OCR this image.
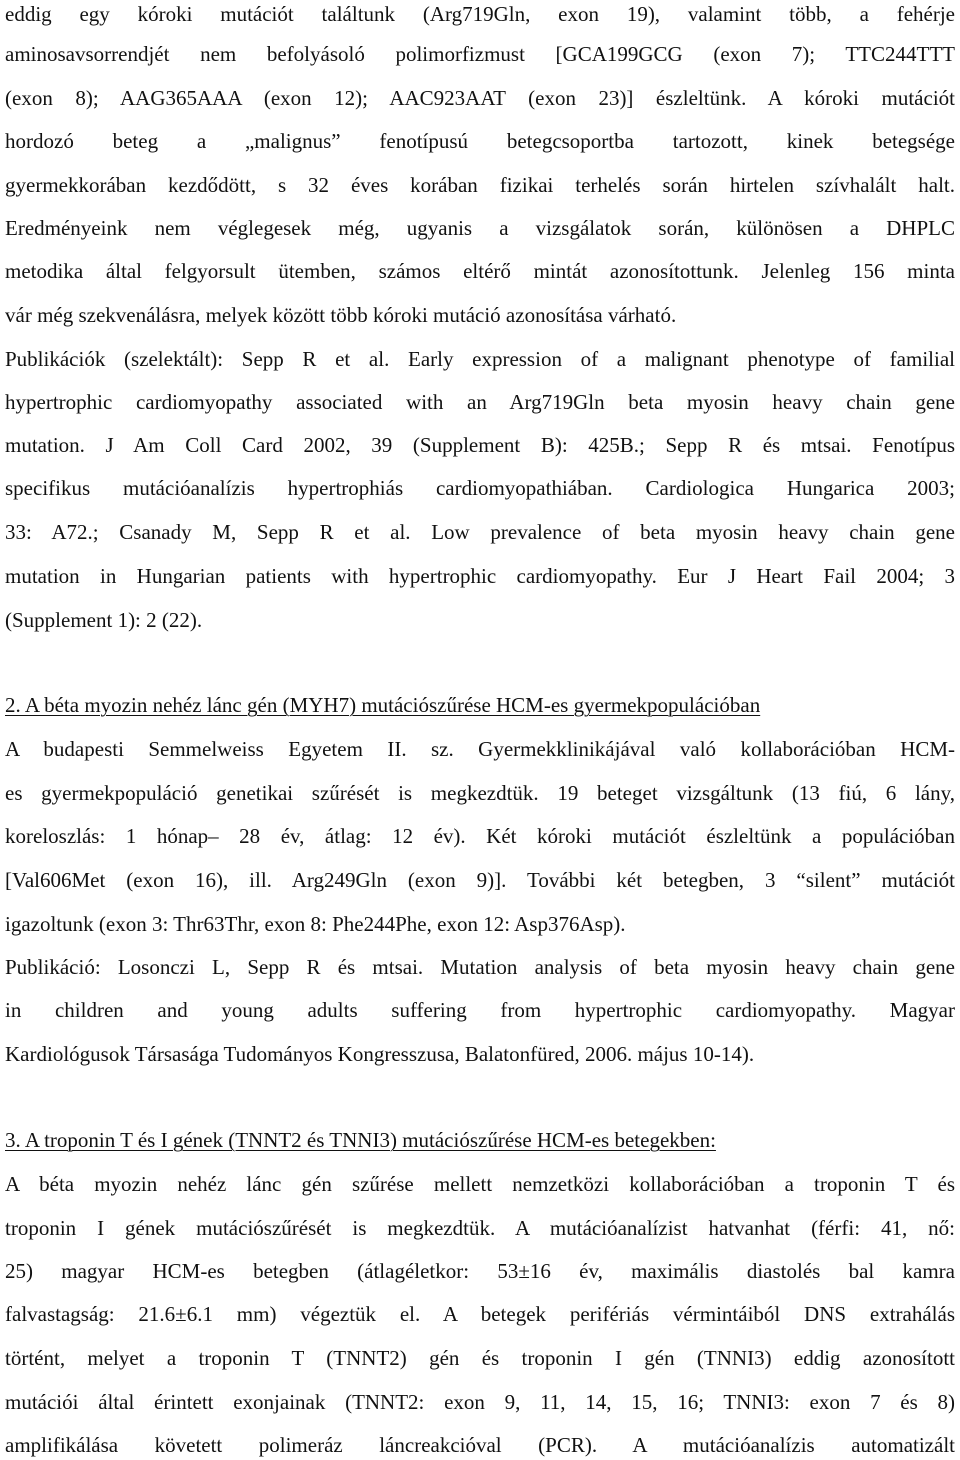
eddig egy kóroki mutációt találtunk (Arg719Gln, exon 19), valamint több, a fehérje
aminosavsorrendjét nem befolyásoló polimorfizmust [GCA199GCG (exon 7); TTC244TTT
(exon 8); AAG365AAA (exon 12); AAC923AAT (exon 23)] észleltünk. A kóroki mutációt
hordozó beteg a „malignus” fenotípusú betegcsoportba tartozott, kinek betegsége
gyermekkorában kezdődött, s 32 éves korában fizikai terhelés során hirtelen szívhalált halt.
Eredményeink nem véglegesek még, ugyanis a vizsgálatok során, különösen a DHPLC
metodika által felgyorsult ütemben, számos eltérő mintát azonosítottunk. Jelenleg 156 minta
vár még szekvenálásra, melyek között több kóroki mutáció azonosítása várható.
Publikációk (szelektált): Sepp R et al. Early expression of a malignant phenotype of familial
hypertrophic cardiomyopathy associated with an Arg719Gln beta myosin heavy chain gene
mutation. J Am Coll Card 2002, 39 (Supplement B): 425B.; Sepp R és mtsai. Fenotípus
specifikus mutációanalízis hypertrophiás cardiomyopathiában. Cardiologica Hungarica 2003;
33: A72.; Csanady M, Sepp R et al. Low prevalence of beta myosin heavy chain gene
mutation in Hungarian patients with hypertrophic cardiomyopathy. Eur J Heart Fail 2004; 3
(Supplement 1): 2 (22).
2. A béta myozin nehéz lánc gén (MYH7) mutációszűrése HCM-es gyermekpopulációban
A budapesti Semmelweiss Egyetem II. sz. Gyermekklinikájával való kollaborációban HCM-
es gyermekpopuláció genetikai szűrését is megkezdtük. 19 beteget vizsgáltunk (13 fiú, 6 lány,
koreloszlás: 1 hónap– 28 év, átlag: 12 év). Két kóroki mutációt észleltünk a populációban
[Val606Met (exon 16), ill. Arg249Gln (exon 9)]. További két betegben, 3 “silent” mutációt
igazoltunk (exon 3: Thr63Thr, exon 8: Phe244Phe, exon 12: Asp376Asp).
Publikáció: Losonczi L, Sepp R és mtsai. Mutation analysis of beta myosin heavy chain gene
in children and young adults suffering from hypertrophic cardiomyopathy. Magyar
Kardiológusok Társasága Tudományos Kongresszusa, Balatonfüred, 2006. május 10-14).
3. A troponin T és I gének (TNNT2 és TNNI3) mutációszűrése HCM-es betegekben:
A béta myozin nehéz lánc gén szűrése mellett nemzetközi kollaborációban a troponin T és
troponin I gének mutációszűrését is megkezdtük. A mutációanalízist hatvanhat (férfi: 41, nő:
25) magyar HCM-es betegben (átlagéletkor: 53±16 év, maximális diastolés bal kamra
falvastagság: 21.6±6.1 mm) végeztük el. A betegek perifériás vérmintáiból DNS extrahálás
történt, melyet a troponin T (TNNT2) gén és troponin I gén (TNNI3) eddig azonosított
mutációi által érintett exonjainak (TNNT2: exon 9, 11, 14, 15, 16; TNNI3: exon 7 és 8)
amplifikálása követett polimeráz láncreakcióval (PCR). A mutációanalízis automatizált
